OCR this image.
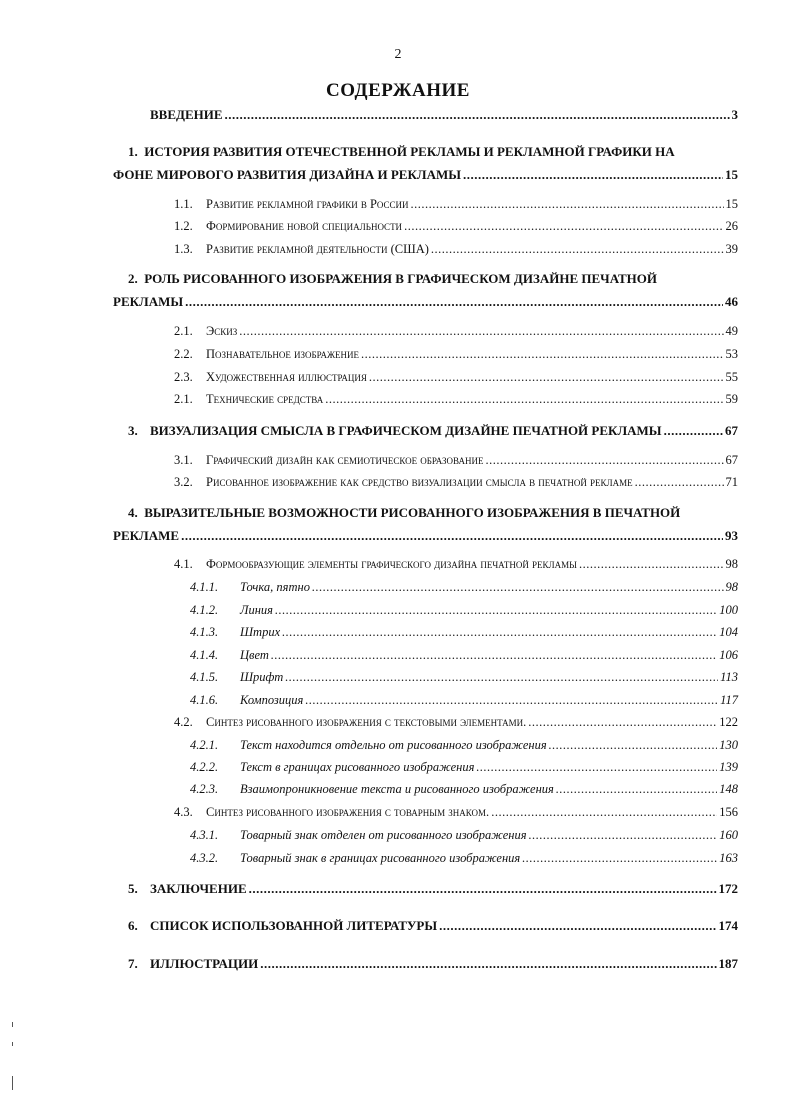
2
СОДЕРЖАНИЕ
ВВЕДЕНИЕ .....	3
1. ИСТОРИЯ РАЗВИТИЯ ОТЕЧЕСТВЕННОЙ РЕКЛАМЫ И РЕКЛАМНОЙ ГРАФИКИ НА
ФОНЕ МИРОВОГО РАЗВИТИЯ ДИЗАЙНА И РЕКЛАМЫ .....	15
1.1.	Развитие рекламной графики в России .....	15
1.2.	Формирование новой специальности .....	26
1.3.	Развитие рекламной деятельности (США) .....	39
2. РОЛЬ РИСОВАННОГО ИЗОБРАЖЕНИЯ В ГРАФИЧЕСКОМ ДИЗАЙНЕ ПЕЧАТНОЙ
РЕКЛАМЫ .....	46
2.1.	Эскиз .....	49
2.2.	Познавательное изображение .....	53
2.3.	Художественная иллюстрация .....	55
2.1.	Технические средства .....	59
3. ВИЗУАЛИЗАЦИЯ СМЫСЛА В ГРАФИЧЕСКОМ ДИЗАЙНЕ ПЕЧАТНОЙ РЕКЛАМЫ .....	67
3.1.	Графический дизайн как семиотическое образование .....	67
3.2.	Рисованное изображение как средство визуализации смысла в печатной рекламе .....	71
4. ВЫРАЗИТЕЛЬНЫЕ ВОЗМОЖНОСТИ РИСОВАННОГО ИЗОБРАЖЕНИЯ В ПЕЧАТНОЙ
РЕКЛАМЕ .....	93
4.1.	Формообразующие элементы графического дизайна печатной рекламы .....	98
4.1.1.	Точка, пятно .....	98
4.1.2.	Линия .....	100
4.1.3.	Штрих .....	104
4.1.4.	Цвет .....	106
4.1.5.	Шрифт .....	113
4.1.6.	Композиция .....	117
4.2.	Синтез рисованного изображения с текстовыми элементами. .....	122
4.2.1.	Текст находится отдельно от рисованного изображения .....	130
4.2.2.	Текст в границах рисованного изображения .....	139
4.2.3.	Взаимопроникновение текста и рисованного изображения .....	148
4.3.	Синтез рисованного изображения с товарным знаком. .....	156
4.3.1.	Товарный знак отделен от рисованного изображения .....	160
4.3.2.	Товарный знак в границах рисованного изображения .....	163
5. ЗАКЛЮЧЕНИЕ .....	172
6. СПИСОК ИСПОЛЬЗОВАННОЙ ЛИТЕРАТУРЫ .....	174
7. ИЛЛЮСТРАЦИИ .....	187
